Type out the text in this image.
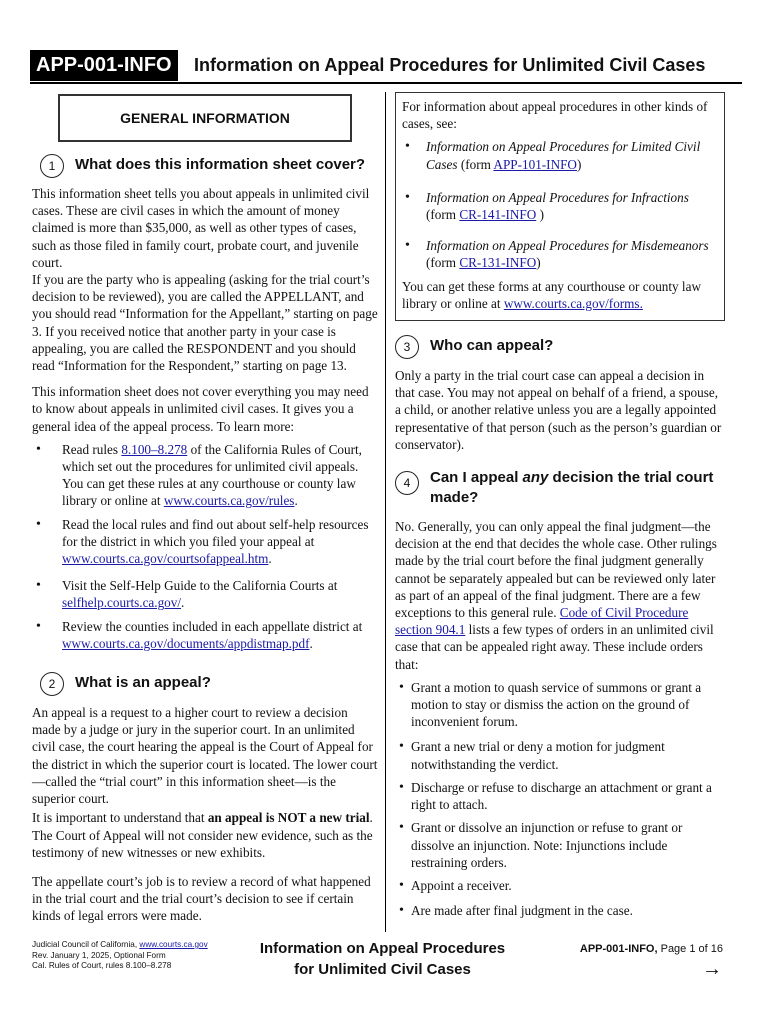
APP-001-INFO	Information on Appeal Procedures for Unlimited Civil Cases
GENERAL INFORMATION
1	What does this information sheet cover?

This information sheet tells you about appeals in unlimited civil cases. These are civil cases in which the amount of money claimed is more than $35,000, as well as other types of cases, such as those filed in family court, probate court, and juvenile court.

If you are the party who is appealing (asking for the trial court’s decision to be reviewed), you are called the APPELLANT, and you should read “Information for the Appellant,” starting on page 3. If you received notice that another party in your case is appealing, you are called the RESPONDENT and you should read “Information for the Respondent,” starting on page 13.

This information sheet does not cover everything you may need to know about appeals in unlimited civil cases. It gives you a general idea of the appeal process. To learn more:

• Read rules 8.100–8.278 of the California Rules of Court, which set out the procedures for unlimited civil appeals. You can get these rules at any courthouse or county law library or online at www.courts.ca.gov/rules.
• Read the local rules and find out about self-help resources for the district in which you filed your appeal at www.courts.ca.gov/courtsofappeal.htm.
• Visit the Self-Help Guide to the California Courts at selfhelp.courts.ca.gov/.
• Review the counties included in each appellate district at www.courts.ca.gov/documents/appdistmap.pdf.
2	What is an appeal?

An appeal is a request to a higher court to review a decision made by a judge or jury in the superior court. In an unlimited civil case, the court hearing the appeal is the Court of Appeal for the district in which the superior court is located. The lower court—called the “trial court” in this information sheet—is the superior court.

It is important to understand that an appeal is NOT a new trial. The Court of Appeal will not consider new evidence, such as the testimony of new witnesses or new exhibits.

The appellate court’s job is to review a record of what happened in the trial court and the trial court’s decision to see if certain kinds of legal errors were made.

For information about appeal procedures in other kinds of cases, see:

• Information on Appeal Procedures for Limited Civil Cases (form APP-101-INFO)
• Information on Appeal Procedures for Infractions (form CR-141-INFO )
• Information on Appeal Procedures for Misdemeanors (form CR-131-INFO)

You can get these forms at any courthouse or county law library or online at www.courts.ca.gov/forms.

3	Who can appeal?

Only a party in the trial court case can appeal a decision in that case. You may not appeal on behalf of a friend, a spouse, a child, or another relative unless you are a legally appointed representative of that person (such as the person’s guardian or conservator).

4	Can I appeal any decision the trial court made?

No. Generally, you can only appeal the final judgment—the decision at the end that decides the whole case. Other rulings made by the trial court before the final judgment generally cannot be separately appealed but can be reviewed only later as part of an appeal of the final judgment. There are a few exceptions to this general rule. Code of Civil Procedure section 904.1 lists a few types of orders in an unlimited civil case that can be appealed right away. These include orders that:

• Grant a motion to quash service of summons or grant a motion to stay or dismiss the action on the ground of inconvenient forum.
• Grant a new trial or deny a motion for judgment notwithstanding the verdict.
• Discharge or refuse to discharge an attachment or grant a right to attach.
• Grant or dissolve an injunction or refuse to grant or dissolve an injunction. Note: Injunctions include restraining orders.
• Appoint a receiver.
• Are made after final judgment in the case.
Judicial Council of California, www.courts.ca.gov
Rev. January 1, 2025, Optional Form
Cal. Rules of Court, rules 8.100–8.278
Information on Appeal Procedures
for Unlimited Civil Cases
APP-001-INFO, Page 1 of 16
→
